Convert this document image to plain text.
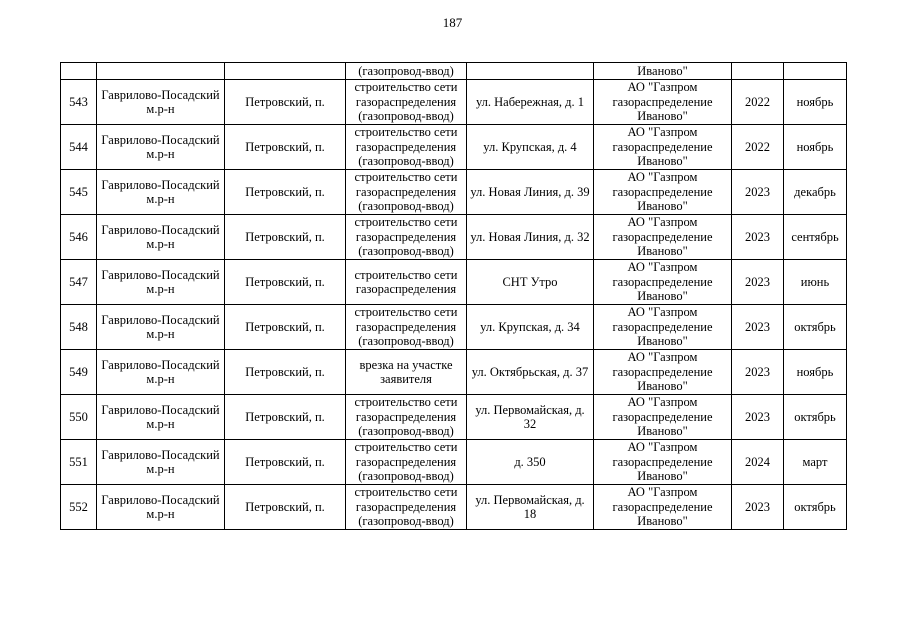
187
			(газопровод-ввод)		Иваново"		
543	Гаврилово-Посадский м.р-н	Петровский, п.	строительство сети газораспределения (газопровод-ввод)	ул. Набережная, д. 1	АО "Газпром газораспределение Иваново"	2022	ноябрь
544	Гаврилово-Посадский м.р-н	Петровский, п.	строительство сети газораспределения (газопровод-ввод)	ул. Крупская, д. 4	АО "Газпром газораспределение Иваново"	2022	ноябрь
545	Гаврилово-Посадский м.р-н	Петровский, п.	строительство сети газораспределения (газопровод-ввод)	ул. Новая Линия, д. 39	АО "Газпром газораспределение Иваново"	2023	декабрь
546	Гаврилово-Посадский м.р-н	Петровский, п.	строительство сети газораспределения (газопровод-ввод)	ул. Новая Линия, д. 32	АО "Газпром газораспределение Иваново"	2023	сентябрь
547	Гаврилово-Посадский м.р-н	Петровский, п.	строительство сети газораспределения	СНТ Утро	АО "Газпром газораспределение Иваново"	2023	июнь
548	Гаврилово-Посадский м.р-н	Петровский, п.	строительство сети газораспределения (газопровод-ввод)	ул. Крупская, д. 34	АО "Газпром газораспределение Иваново"	2023	октябрь
549	Гаврилово-Посадский м.р-н	Петровский, п.	врезка на участке заявителя	ул. Октябрьская, д. 37	АО "Газпром газораспределение Иваново"	2023	ноябрь
550	Гаврилово-Посадский м.р-н	Петровский, п.	строительство сети газораспределения (газопровод-ввод)	ул. Первомайская, д. 32	АО "Газпром газораспределение Иваново"	2023	октябрь
551	Гаврилово-Посадский м.р-н	Петровский, п.	строительство сети газораспределения (газопровод-ввод)	д. 350	АО "Газпром газораспределение Иваново"	2024	март
552	Гаврилово-Посадский м.р-н	Петровский, п.	строительство сети газораспределения (газопровод-ввод)	ул. Первомайская, д. 18	АО "Газпром газораспределение Иваново"	2023	октябрь
